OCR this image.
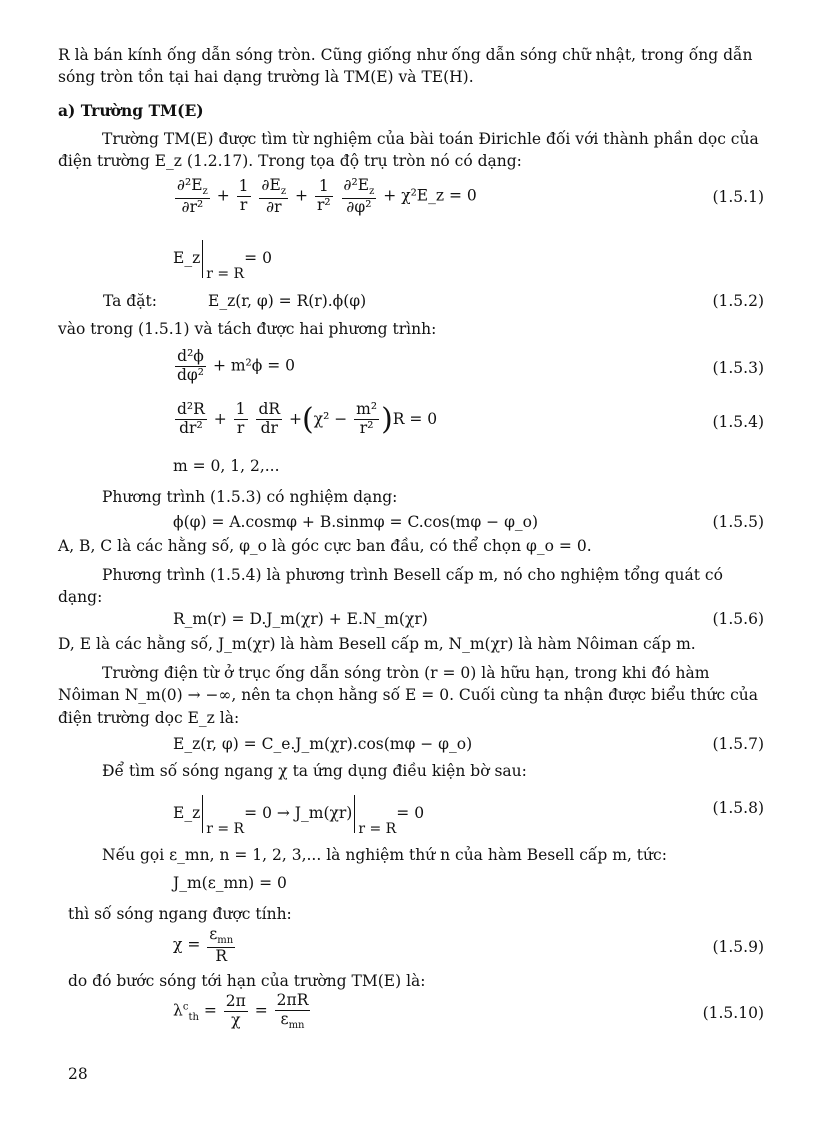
R là bán kính ống dẫn sóng tròn. Cũng giống như ống dẫn sóng chữ nhật, trong ống dẫn sóng tròn tồn tại hai dạng trường là TM(E) và TE(H).
a) Trường TM(E)
Trường TM(E) được tìm từ nghiệm của bài toán Đirichle đối với thành phần dọc của điện trường E_z (1.2.17). Trong tọa độ trụ tròn nó có dạng:
$\frac{\partial^2E_z}{\text{∂r²}} + \frac{1}{r}$
$\frac{\partial E_z}{\partial r} + \frac{1}{\text{r²}}$
$\frac{\partial^2E_z}{\text{∂φ²}}$ + χ²E_z = 0	(1.5.1)
E_z
r = R
= 0
Ta đặt:	E_z(r, φ) = R(r).ϕ(φ)	(1.5.2)
vào trong (1.5.1) và tách được hai phương trình:
$\frac{\text{d²ϕ}}{\text{dφ²}} + m^2\phi = 0$	(1.5.3)
$\frac{\text{d²R}}{\text{dr²}} + \frac{1}{r}$
$\frac{dR}{dr} +(\chi^2 - \frac{\text{m²}}{\text{r²}} )R = 0$	(1.5.4)
m = 0, 1, 2,...
Phương trình (1.5.3) có nghiệm dạng:
ϕ(φ) = A.cosmφ + B.sinmφ = C.cos(mφ − φ_o)	(1.5.5)
A, B, C là các hằng số, φ_o là góc cực ban đầu, có thể chọn φ_o = 0.
Phương trình (1.5.4) là phương trình Besell cấp m, nó cho nghiệm tổng quát có dạng:
R_m(r) = D.J_m(χr) + E.N_m(χr)	(1.5.6)
D, E là các hằng số, J_m(χr) là hàm Besell cấp m, N_m(χr) là hàm Nôiman cấp m.
Trường điện từ ở trục ống dẫn sóng tròn (r = 0) là hữu hạn, trong khi đó hàm Nôiman N_m(0) → −∞, nên ta chọn hằng số E = 0. Cuối cùng ta nhận được biểu thức của điện trường dọc E_z là:
E_z(r, φ) = C_e.J_m(χr).cos(mφ − φ_o)	(1.5.7)
Để tìm số sóng ngang χ ta ứng dụng điều kiện bờ sau:
E_z
r = R
= 0 → J_m(χr)
r = R
= 0	(1.5.8)
Nếu gọi ε_mn, n = 1, 2, 3,... là nghiệm thứ n của hàm Besell cấp m, tức:
J_m(ε_mn) = 0
thì số sóng ngang được tính:
$\chi = \frac{\varepsilon_{mn}}{R}$	(1.5.9)
do đó bước sóng tới hạn của trường TM(E) là:
$\lambda^c_{th} = \frac{2\pi}{\chi} = \frac{2\pi R}{\varepsilon_{mn}}$	(1.5.10)
28
